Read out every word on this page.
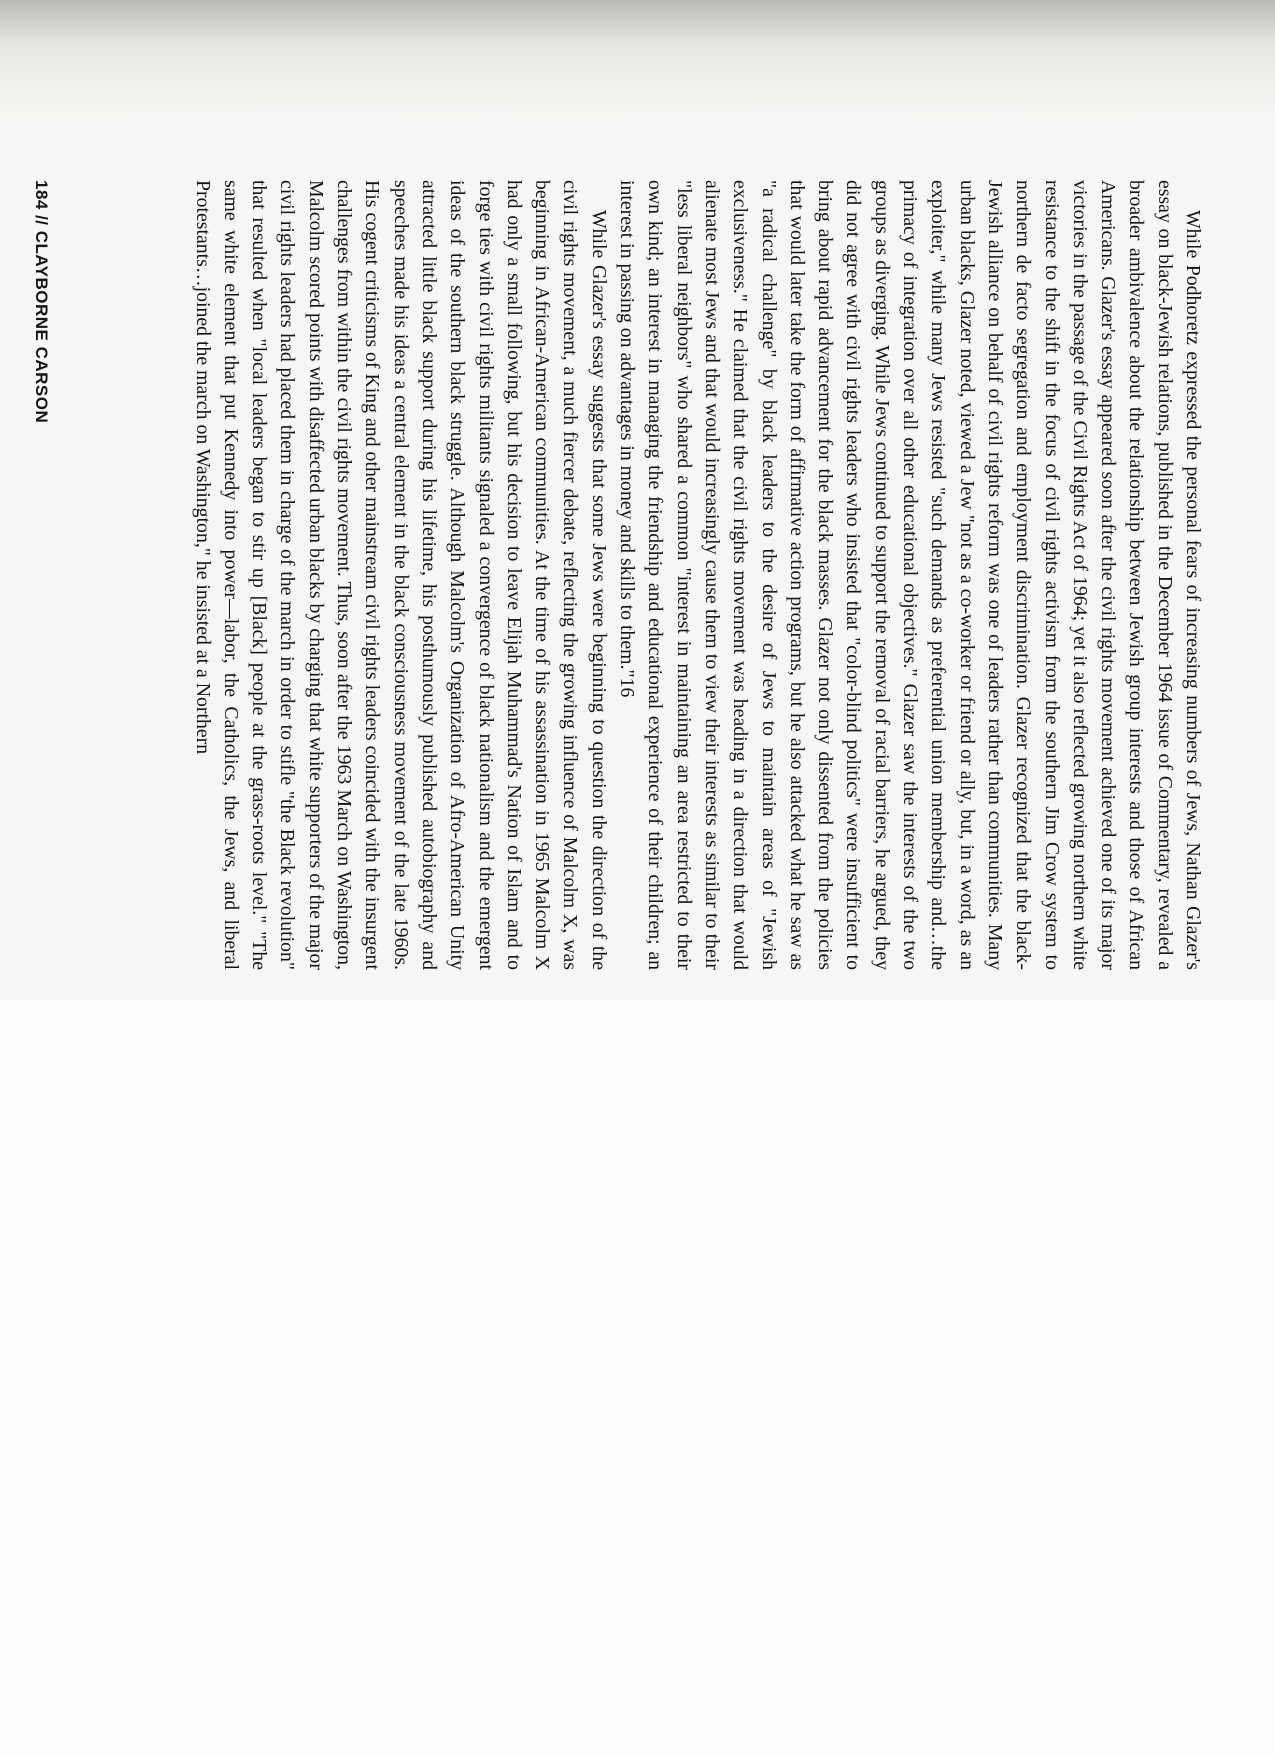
184 // CLAYBORNE CARSON	While Podhoretz expressed the personal fears of increasing numbers of Jews, Nathan Glazer's essay on black-Jewish relations, published in the December 1964 issue of Commentary, revealed a broader ambivalence about the relationship between Jewish group interests and those of African Americans. Glazer's essay appeared soon after the civil rights movement achieved one of its major victories in the passage of the Civil Rights Act of 1964; yet it also reflected growing northern white resistance to the shift in the focus of civil rights activism from the southern Jim Crow system to northern de facto segregation and employment discrimination. Glazer recognized that the black-Jewish alliance on behalf of civil rights reform was one of leaders rather than communities. Many urban blacks, Glazer noted, viewed a Jew "not as a co-worker or friend or ally, but, in a word, as an exploiter," while many Jews resisted "such demands as preferential union membership and…the primacy of integration over all other educational objectives." Glazer saw the interests of the two groups as diverging. While Jews continued to support the removal of racial barriers, he argued, they did not agree with civil rights leaders who insisted that "color-blind politics" were insufficient to bring about rapid advancement for the black masses. Glazer not only dissented from the policies that would later take the form of affirmative action programs, but he also attacked what he saw as "a radical challenge" by black leaders to the desire of Jews to maintain areas of "Jewish exclusiveness." He claimed that the civil rights movement was heading in a direction that would alienate most Jews and that would increasingly cause them to view their interests as similar to their "less liberal neighbors" who shared a common "interest in maintaining an area restricted to their own kind; an interest in managing the friendship and educational experience of their children; an interest in passing on advantages in money and skills to them."16

While Glazer's essay suggests that some Jews were beginning to question the direction of the civil rights movement, a much fiercer debate, reflecting the growing influence of Malcolm X, was beginning in African-American communities. At the time of his assassination in 1965 Malcolm X had only a small following, but his decision to leave Elijah Muhammad's Nation of Islam and to forge ties with civil rights militants signaled a convergence of black nationalism and the emergent ideas of the southern black struggle. Although Malcolm's Organization of Afro-American Unity attracted little black support during his lifetime, his posthumously published autobiography and speeches made his ideas a central element in the black consciousness movement of the late 1960s. His cogent criticisms of King and other mainstream civil rights leaders coincided with the insurgent challenges from within the civil rights movement. Thus, soon after the 1963 March on Washington, Malcolm scored points with disaffected urban blacks by charging that white supporters of the major civil rights leaders had placed them in charge of the march in order to stifle "the Black revolution" that resulted when "local leaders began to stir up [Black] people at the grass-roots level." "The same white element that put Kennedy into power—labor, the Catholics, the Jews, and liberal Protestants…joined the march on Washington," he insisted at a Northern
